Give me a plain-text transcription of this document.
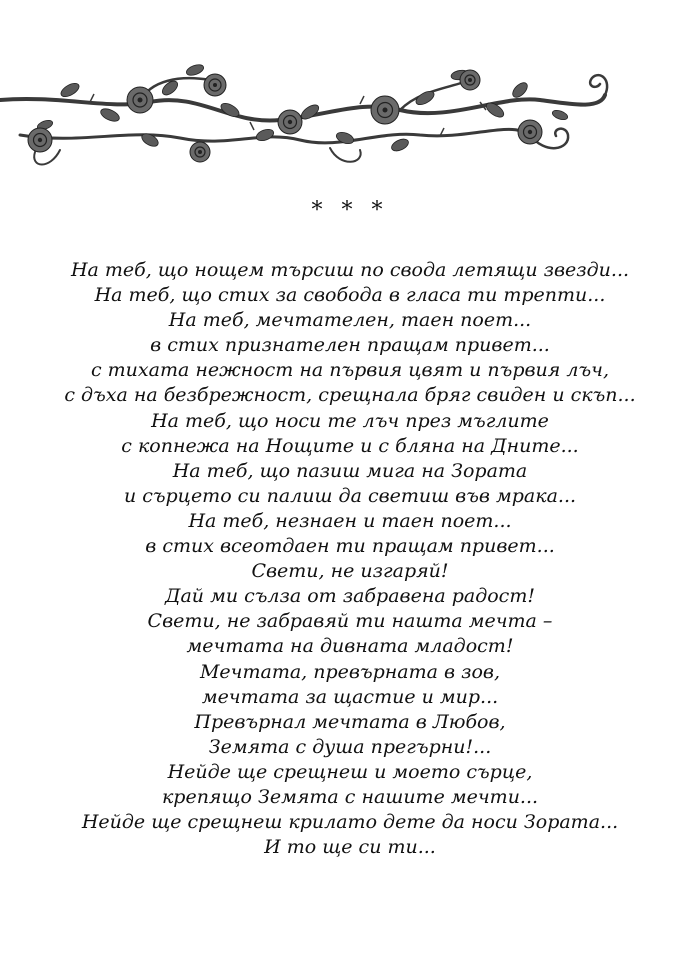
* * *
На теб, що нощем търсиш по свода летящи звезди...
На теб, що стих за свобода в гласа ти трепти...
На теб, мечтателен, таен поет...
в стих признателен пращам привет...
с тихата нежност на първия цвят и първия лъч,
с дъха на безбрежност, срещнала бряг свиден и скъп...
На теб, що носи те лъч през мъглите
с копнежа на Нощите и с бляна на Дните...
На теб, що пазиш мига на Зората
и сърцето си палиш да светиш във мрака...
На теб, незнаен и таен поет...
в стих всеотдаен ти пращам привет...
Свети, не изгаряй!
Дай ми сълза от забравена радост!
Свети, не забравяй ти нашта мечта –
мечтата на дивната младост!
Мечтата, превърната в зов,
мечтата за щастие и мир...
Превърнал мечтата в Любов,
Земята с душа прегърни!...
Нейде ще срещнеш и моето сърце,
крепящо Земята с нашите мечти...
Нейде ще срещнеш крилато дете да носи Зората...
И то ще си ти...
